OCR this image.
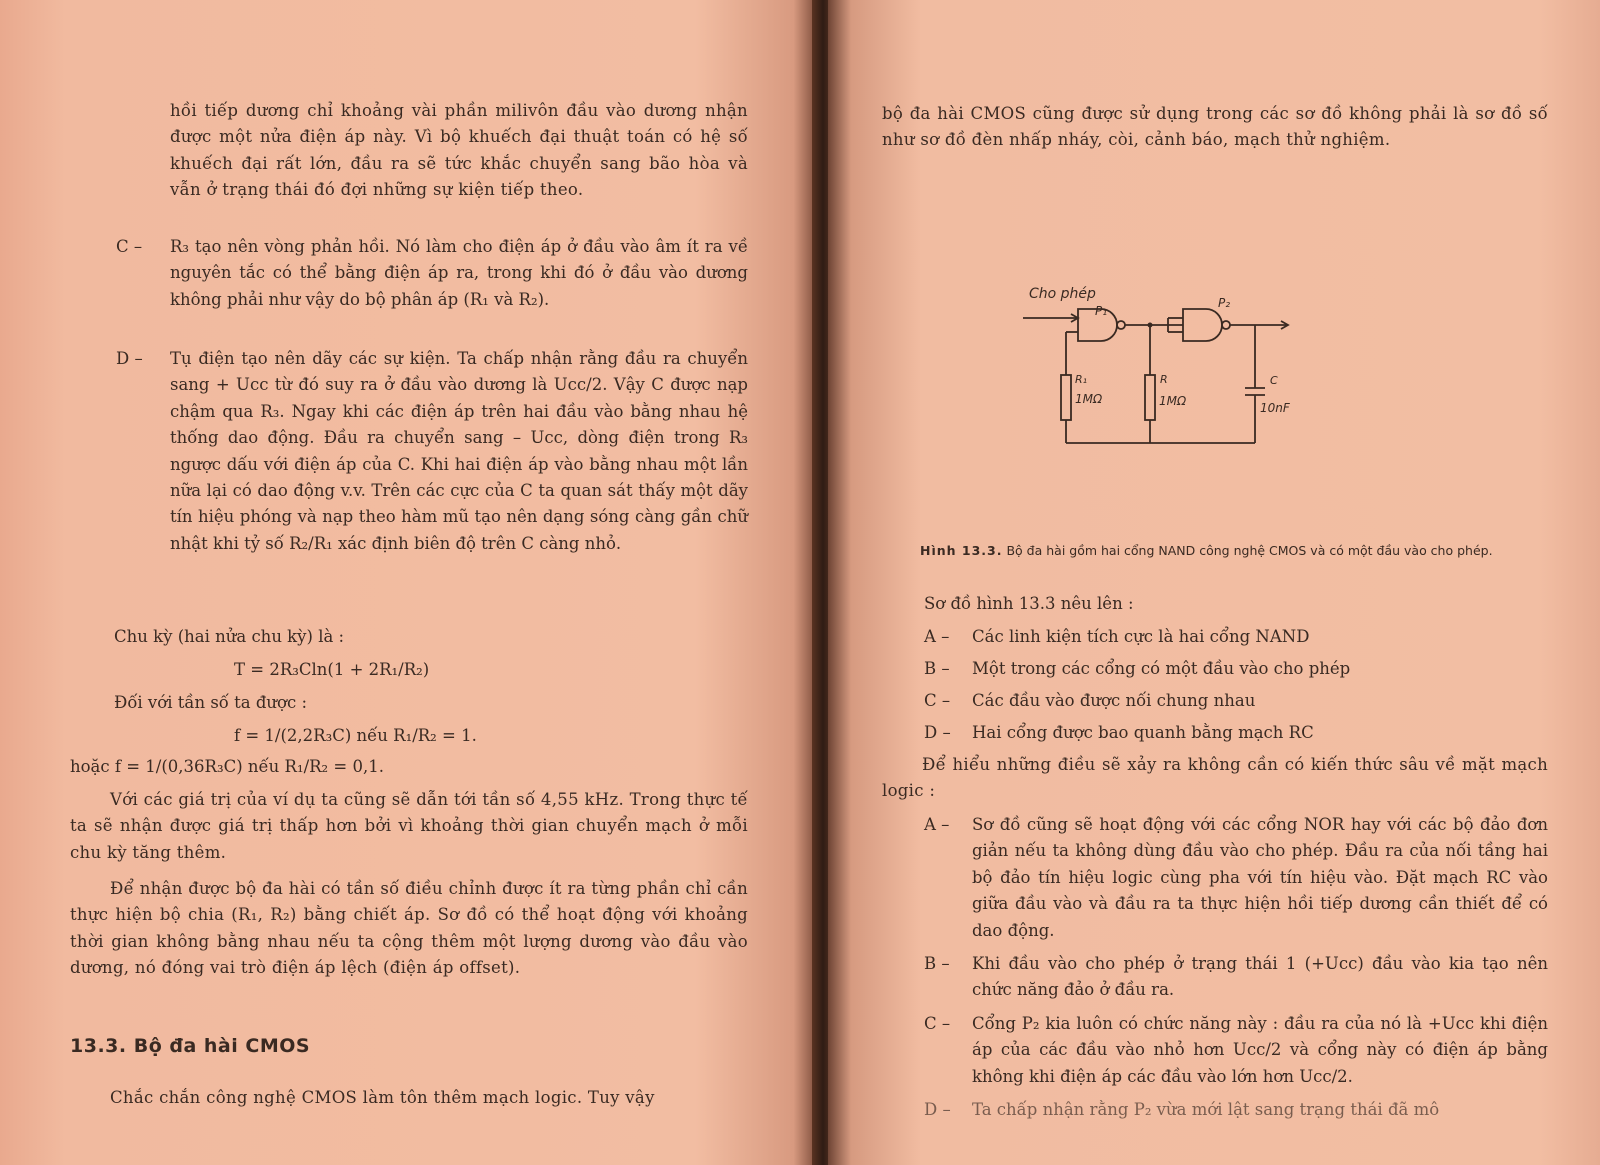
hồi tiếp dương chỉ khoảng vài phần milivôn đầu vào dương nhận được một nửa điện áp này. Vì bộ khuếch đại thuật toán có hệ số khuếch đại rất lớn, đầu ra sẽ tức khắc chuyển sang bão hòa và vẫn ở trạng thái đó đợi những sự kiện tiếp theo.

C – R₃ tạo nên vòng phản hồi. Nó làm cho điện áp ở đầu vào âm ít ra về nguyên tắc có thể bằng điện áp ra, trong khi đó ở đầu vào dương không phải như vậy do bộ phân áp (R₁ và R₂).
D – Tụ điện tạo nên dãy các sự kiện. Ta chấp nhận rằng đầu ra chuyển sang + Ucc từ đó suy ra ở đầu vào dương là Ucc/2. Vậy C được nạp chậm qua R₃. Ngay khi các điện áp trên hai đầu vào bằng nhau hệ thống dao động. Đầu ra chuyển sang – Ucc, dòng điện trong R₃ ngược dấu với điện áp của C. Khi hai điện áp vào bằng nhau một lần nữa lại có dao động v.v. Trên các cực của C ta quan sát thấy một dãy tín hiệu phóng và nạp theo hàm mũ tạo nên dạng sóng càng gần chữ nhật khi tỷ số R₂/R₁ xác định biên độ trên C càng nhỏ.
Chu kỳ (hai nửa chu kỳ) là :
T = 2R₃Cln(1 + 2R₁/R₂)
Đối với tần số ta được :
f = 1/(2,2R₃C) nếu R₁/R₂ = 1.
hoặc f = 1/(0,36R₃C) nếu R₁/R₂ = 0,1.

Với các giá trị của ví dụ ta cũng sẽ dẫn tới tần số 4,55 kHz. Trong thực tế ta sẽ nhận được giá trị thấp hơn bởi vì khoảng thời gian chuyển mạch ở mỗi chu kỳ tăng thêm.

Để nhận được bộ đa hài có tần số điều chỉnh được ít ra từng phần chỉ cần thực hiện bộ chia (R₁, R₂) bằng chiết áp. Sơ đồ có thể hoạt động với khoảng thời gian không bằng nhau nếu ta cộng thêm một lượng dương vào đầu vào dương, nó đóng vai trò điện áp lệch (điện áp offset).

13.3. Bộ đa hài CMOS

Chắc chắn công nghệ CMOS làm tôn thêm mạch logic. Tuy vậy

bộ đa hài CMOS cũng được sử dụng trong các sơ đồ không phải là sơ đồ số như sơ đồ đèn nhấp nháy, còi, cảnh báo, mạch thử nghiệm.

Cho phép
P₁
P₂
R₁
1MΩ
R
1MΩ
C
10nF
Hình 13.3. Bộ đa hài gồm hai cổng NAND công nghệ CMOS và có một đầu vào cho phép.
Sơ đồ hình 13.3 nêu lên :
A – Các linh kiện tích cực là hai cổng NAND
B – Một trong các cổng có một đầu vào cho phép
C – Các đầu vào được nối chung nhau
D – Hai cổng được bao quanh bằng mạch RC

Để hiểu những điều sẽ xảy ra không cần có kiến thức sâu về mặt mạch logic :

A – Sơ đồ cũng sẽ hoạt động với các cổng NOR hay với các bộ đảo đơn giản nếu ta không dùng đầu vào cho phép. Đầu ra của nối tầng hai bộ đảo tín hiệu logic cùng pha với tín hiệu vào. Đặt mạch RC vào giữa đầu vào và đầu ra ta thực hiện hồi tiếp dương cần thiết để có dao động.
B – Khi đầu vào cho phép ở trạng thái 1 (+Ucc) đầu vào kia tạo nên chức năng đảo ở đầu ra.
C – Cổng P₂ kia luôn có chức năng này : đầu ra của nó là +Ucc khi điện áp của các đầu vào nhỏ hơn Ucc/2 và cổng này có điện áp bằng không khi điện áp các đầu vào lớn hơn Ucc/2.
D – Ta chấp nhận rằng P₂ vừa mới lật sang trạng thái đã mô
